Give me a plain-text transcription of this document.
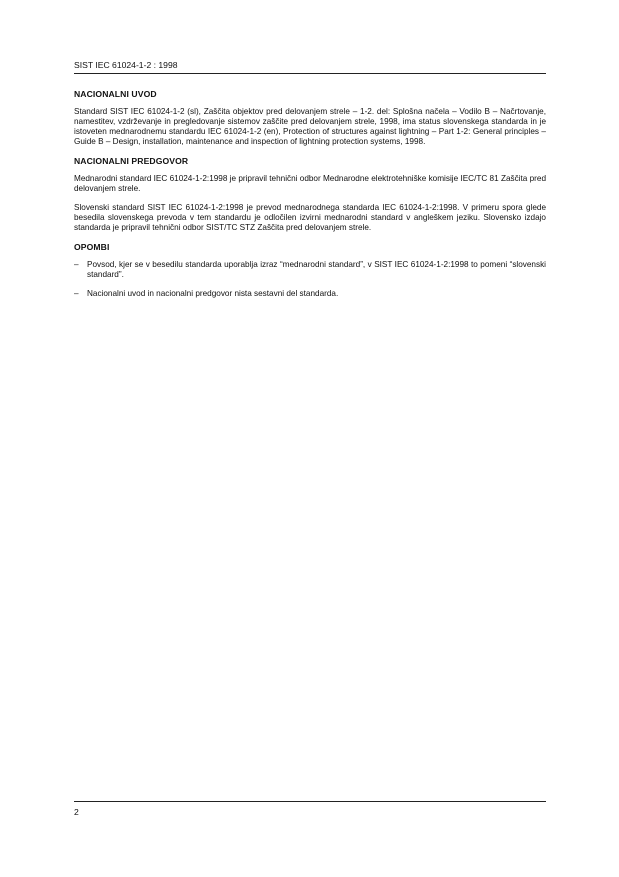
SIST IEC 61024-1-2 : 1998
NACIONALNI UVOD

Standard SIST IEC 61024-1-2 (sl), Zaščita objektov pred delovanjem strele – 1-2. del: Splošna načela – Vodilo B – Načrtovanje, namestitev, vzdrževanje in pregledovanje sistemov zaščite pred delovanjem strele, 1998, ima status slovenskega standarda in je istoveten mednarodnemu standardu IEC 61024-1-2 (en), Protection of structures against lightning – Part 1-2: General principles – Guide B – Design, installation, maintenance and inspection of lightning protection systems, 1998.

NACIONALNI PREDGOVOR

Mednarodni standard IEC 61024-1-2:1998 je pripravil tehnični odbor Mednarodne elektrotehniške komisije IEC/TC 81 Zaščita pred delovanjem strele.

Slovenski standard SIST IEC 61024-1-2:1998 je prevod mednarodnega standarda IEC 61024-1-2:1998. V primeru spora glede besedila slovenskega prevoda v tem standardu je odločilen izvirni mednarodni standard v angleškem jeziku. Slovensko izdajo standarda je pripravil tehnični odbor SIST/TC STZ Zaščita pred delovanjem strele.

OPOMBI
– Povsod, kjer se v besedilu standarda uporablja izraz “mednarodni standard”, v SIST IEC 61024-1-2:1998 to pomeni “slovenski standard”.
– Nacionalni uvod in nacionalni predgovor nista sestavni del standarda.
2
